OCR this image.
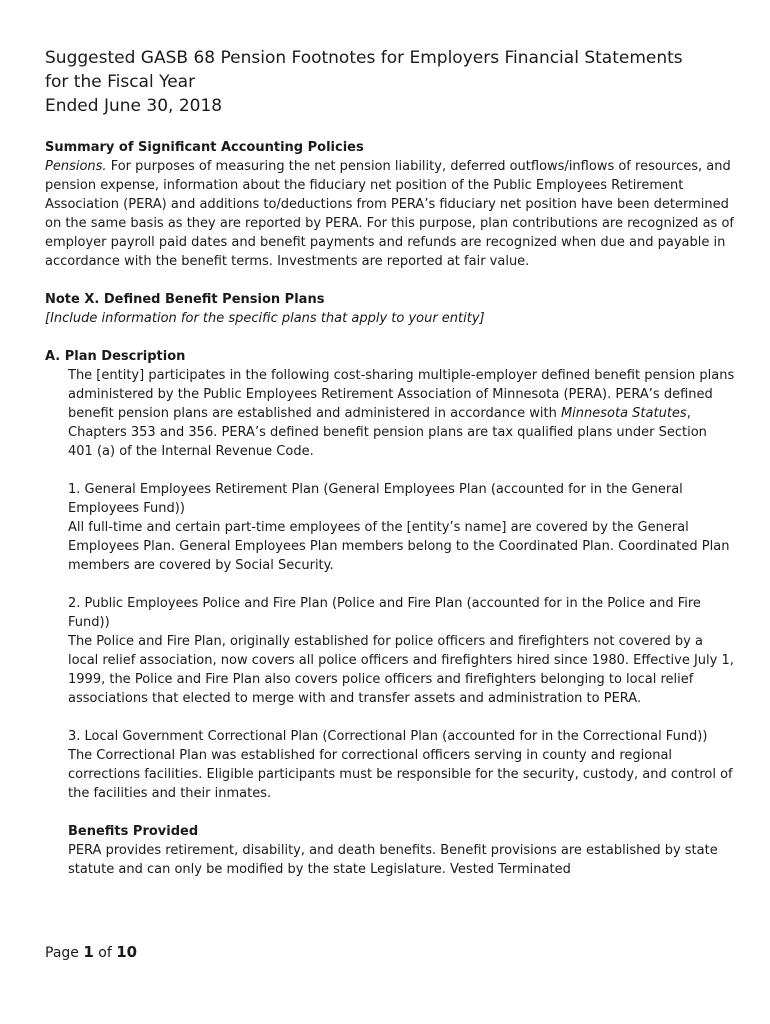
Suggested GASB 68 Pension Footnotes for Employers Financial Statements
for the Fiscal Year
Ended June 30, 2018

Summary of Significant Accounting Policies

Pensions. For purposes of measuring the net pension liability, deferred outflows/inflows of resources, and pension expense, information about the fiduciary net position of the Public Employees Retirement Association (PERA) and additions to/deductions from PERA’s fiduciary net position have been determined on the same basis as they are reported by PERA. For this purpose, plan contributions are recognized as of employer payroll paid dates and benefit payments and refunds are recognized when due and payable in accordance with the benefit terms. Investments are reported at fair value.

Note X. Defined Benefit Pension Plans

[Include information for the specific plans that apply to your entity]

A. Plan Description

The [entity] participates in the following cost-sharing multiple-employer defined benefit pension plans administered by the Public Employees Retirement Association of Minnesota (PERA). PERA’s defined benefit pension plans are established and administered in accordance with Minnesota Statutes, Chapters 353 and 356. PERA’s defined benefit pension plans are tax qualified plans under Section 401 (a) of the Internal Revenue Code.

1. General Employees Retirement Plan (General Employees Plan (accounted for in the General Employees Fund))

All full-time and certain part-time employees of the [entity’s name] are covered by the General Employees Plan. General Employees Plan members belong to the Coordinated Plan. Coordinated Plan members are covered by Social Security.

2. Public Employees Police and Fire Plan (Police and Fire Plan (accounted for in the Police and Fire Fund))

The Police and Fire Plan, originally established for police officers and firefighters not covered by a local relief association, now covers all police officers and firefighters hired since 1980. Effective July 1, 1999, the Police and Fire Plan also covers police officers and firefighters belonging to local relief associations that elected to merge with and transfer assets and administration to PERA.

3. Local Government Correctional Plan (Correctional Plan (accounted for in the Correctional Fund))

The Correctional Plan was established for correctional officers serving in county and regional corrections facilities. Eligible participants must be responsible for the security, custody, and control of the facilities and their inmates.

Benefits Provided

PERA provides retirement, disability, and death benefits. Benefit provisions are established by state statute and can only be modified by the state Legislature. Vested Terminated

Page 1 of 10
